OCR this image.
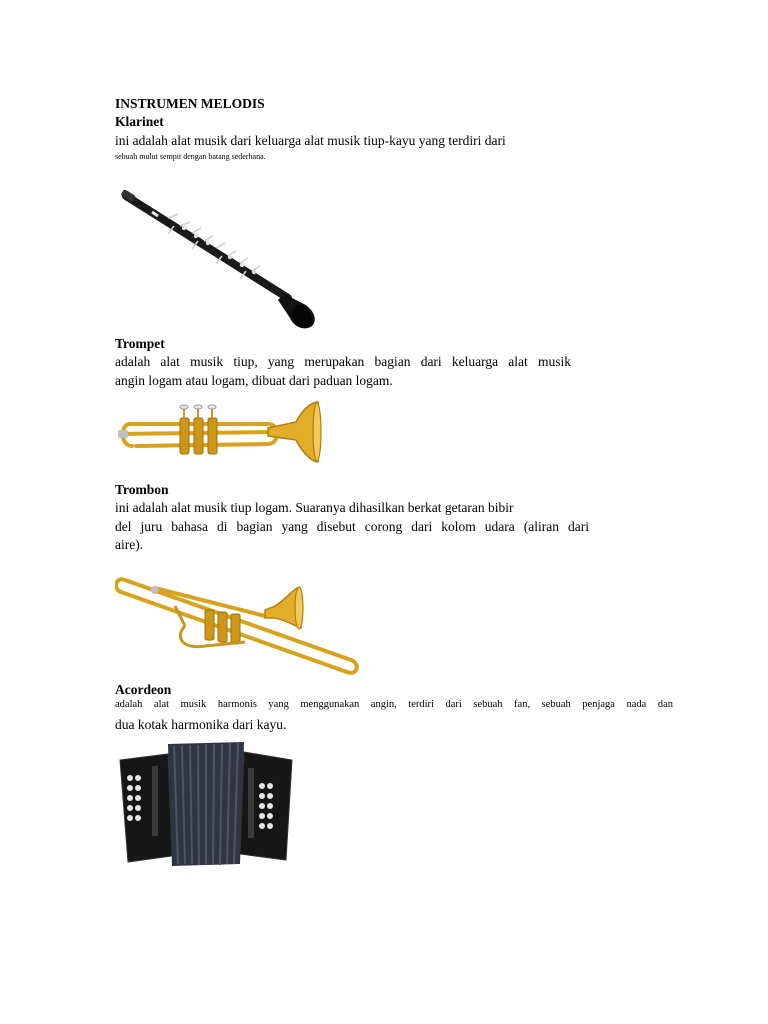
INSTRUMEN MELODIS
Klarinet
ini adalah alat musik dari keluarga alat musik tiup-kayu yang terdiri dari
sebuah mulut sempit dengan batang sederhana.
Trompet
adalah alat musik tiup, yang merupakan bagian dari keluarga alat musik
angin logam atau logam, dibuat dari paduan logam.
Trombon
ini adalah alat musik tiup logam. Suaranya dihasilkan berkat getaran bibir
del juru bahasa di bagian yang disebut corong dari kolom udara (aliran dari
aire).
Acordeon
adalah alat musik harmonis yang menggunakan angin, terdiri dari sebuah fan, sebuah penjaga nada dan
dua kotak harmonika dari kayu.
